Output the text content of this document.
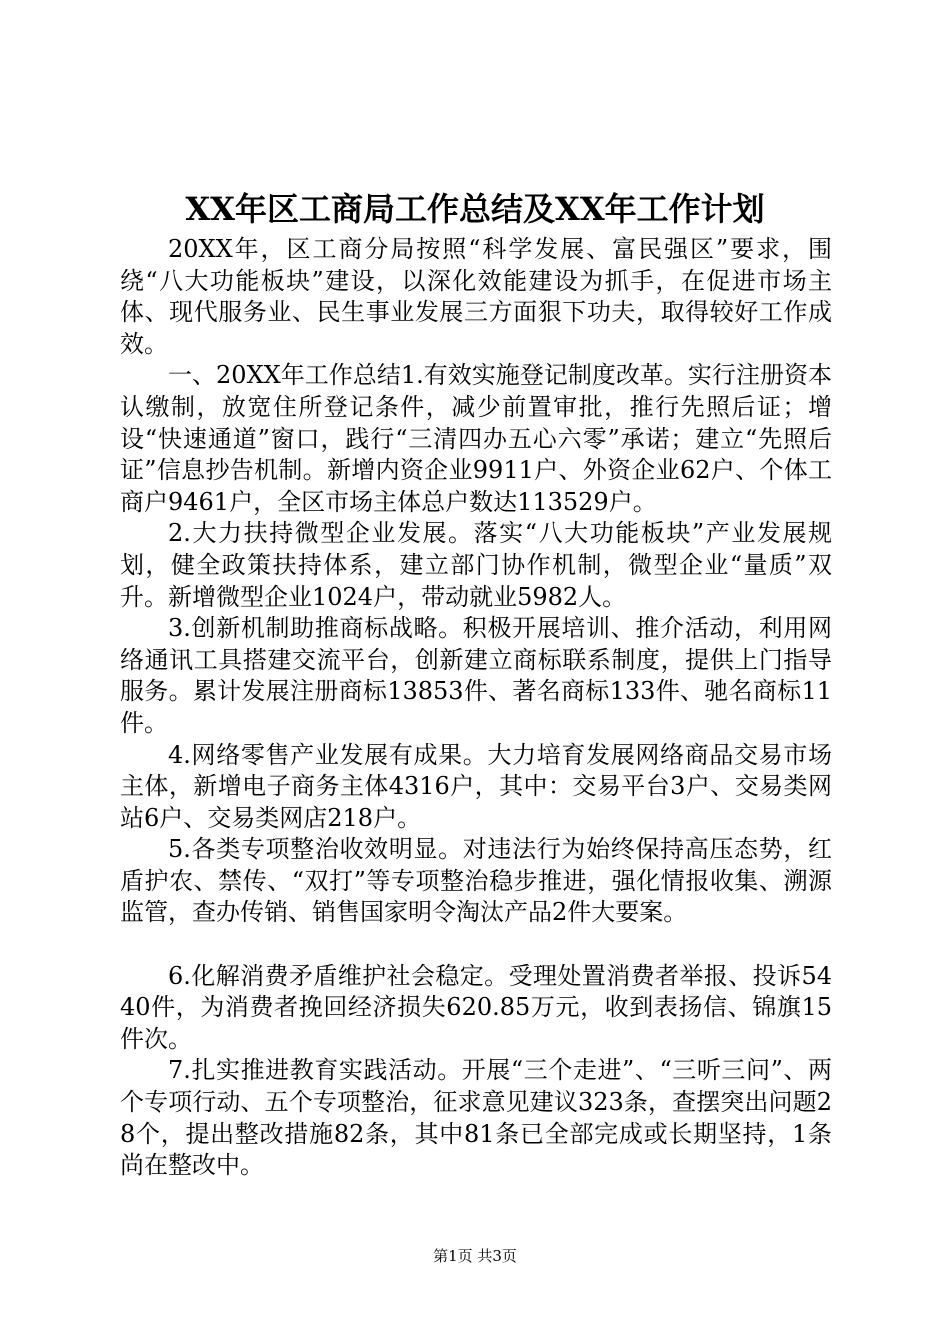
XX年区工商局工作总结及XX年工作计划

20XX年，区工商分局按照“科学发展、富民强区”要求，围绕“八大功能板块”建设，以深化效能建设为抓手，在促进市场主体、现代服务业、民生事业发展三方面狠下功夫，取得较好工作成效。

一、20XX年工作总结1.有效实施登记制度改革。实行注册资本认缴制，放宽住所登记条件，减少前置审批，推行先照后证；增设“快速通道”窗口，践行“三清四办五心六零”承诺；建立“先照后证”信息抄告机制。新增内资企业9911户、外资企业62户、个体工商户9461户，全区市场主体总户数达113529户。

2.大力扶持微型企业发展。落实“八大功能板块”产业发展规划，健全政策扶持体系，建立部门协作机制，微型企业“量质”双升。新增微型企业1024户，带动就业5982人。

3.创新机制助推商标战略。积极开展培训、推介活动，利用网络通讯工具搭建交流平台，创新建立商标联系制度，提供上门指导服务。累计发展注册商标13853件、著名商标133件、驰名商标11件。

4.网络零售产业发展有成果。大力培育发展网络商品交易市场主体，新增电子商务主体4316户，其中：交易平台3户、交易类网站6户、交易类网店218户。

5.各类专项整治收效明显。对违法行为始终保持高压态势，红盾护农、禁传、“双打”等专项整治稳步推进，强化情报收集、溯源监管，查办传销、销售国家明令淘汰产品2件大要案。

6.化解消费矛盾维护社会稳定。受理处置消费者举报、投诉5440件，为消费者挽回经济损失620.85万元，收到表扬信、锦旗15件次。

7.扎实推进教育实践活动。开展“三个走进”、“三听三问”、两个专项行动、五个专项整治，征求意见建议323条，查摆突出问题28个，提出整改措施82条，其中81条已全部完成或长期坚持，1条尚在整改中。

第1页 共3页
